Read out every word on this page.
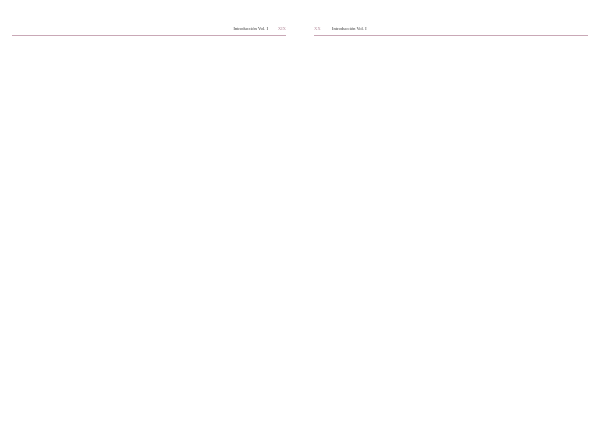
Introducción Vol. I	XIX	XX	Introducción Vol. I
